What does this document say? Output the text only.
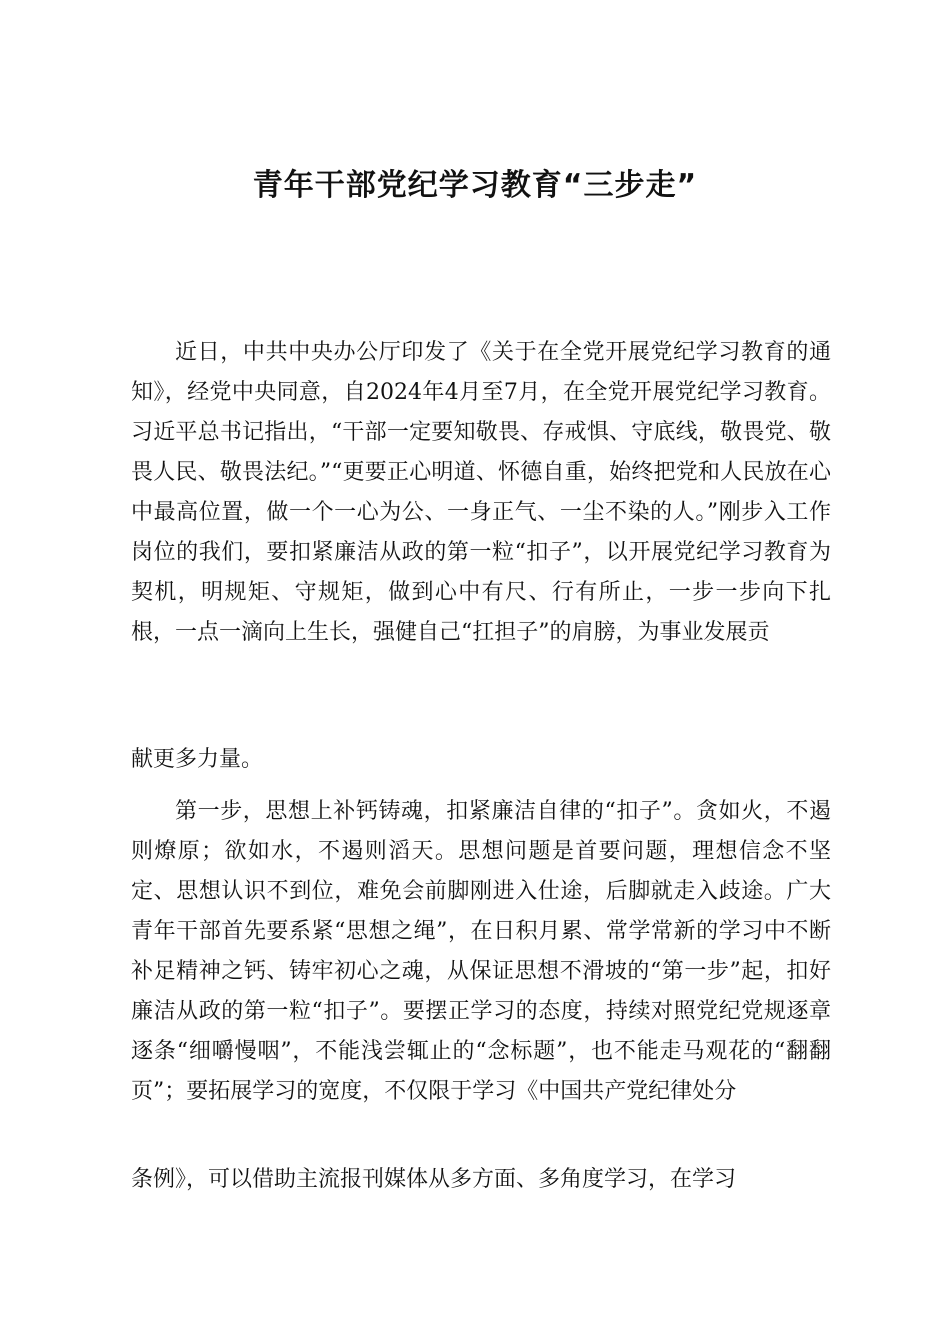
青年干部党纪学习教育“三步走”

近日，中共中央办公厅印发了《关于在全党开展党纪学习教育的通知》，经党中央同意，自2024年4月至7月，在全党开展党纪学习教育。习近平总书记指出，“干部一定要知敬畏、存戒惧、守底线，敬畏党、敬畏人民、敬畏法纪。”“更要正心明道、怀德自重，始终把党和人民放在心中最高位置，做一个一心为公、一身正气、一尘不染的人。”刚步入工作岗位的我们，要扣紧廉洁从政的第一粒“扣子”，以开展党纪学习教育为契机，明规矩、守规矩，做到心中有尺、行有所止，一步一步向下扎根，一点一滴向上生长，强健自己“扛担子”的肩膀，为事业发展贡

献更多力量。

第一步，思想上补钙铸魂，扣紧廉洁自律的“扣子”。贪如火，不遏则燎原；欲如水，不遏则滔天。思想问题是首要问题，理想信念不坚定、思想认识不到位，难免会前脚刚进入仕途，后脚就走入歧途。广大青年干部首先要系紧“思想之绳”，在日积月累、常学常新的学习中不断补足精神之钙、铸牢初心之魂，从保证思想不滑坡的“第一步”起，扣好廉洁从政的第一粒“扣子”。要摆正学习的态度，持续对照党纪党规逐章逐条“细嚼慢咽”，不能浅尝辄止的“念标题”，也不能走马观花的“翻翻页”；要拓展学习的宽度，不仅限于学习《中国共产党纪律处分

条例》，可以借助主流报刊媒体从多方面、多角度学习，在学习
